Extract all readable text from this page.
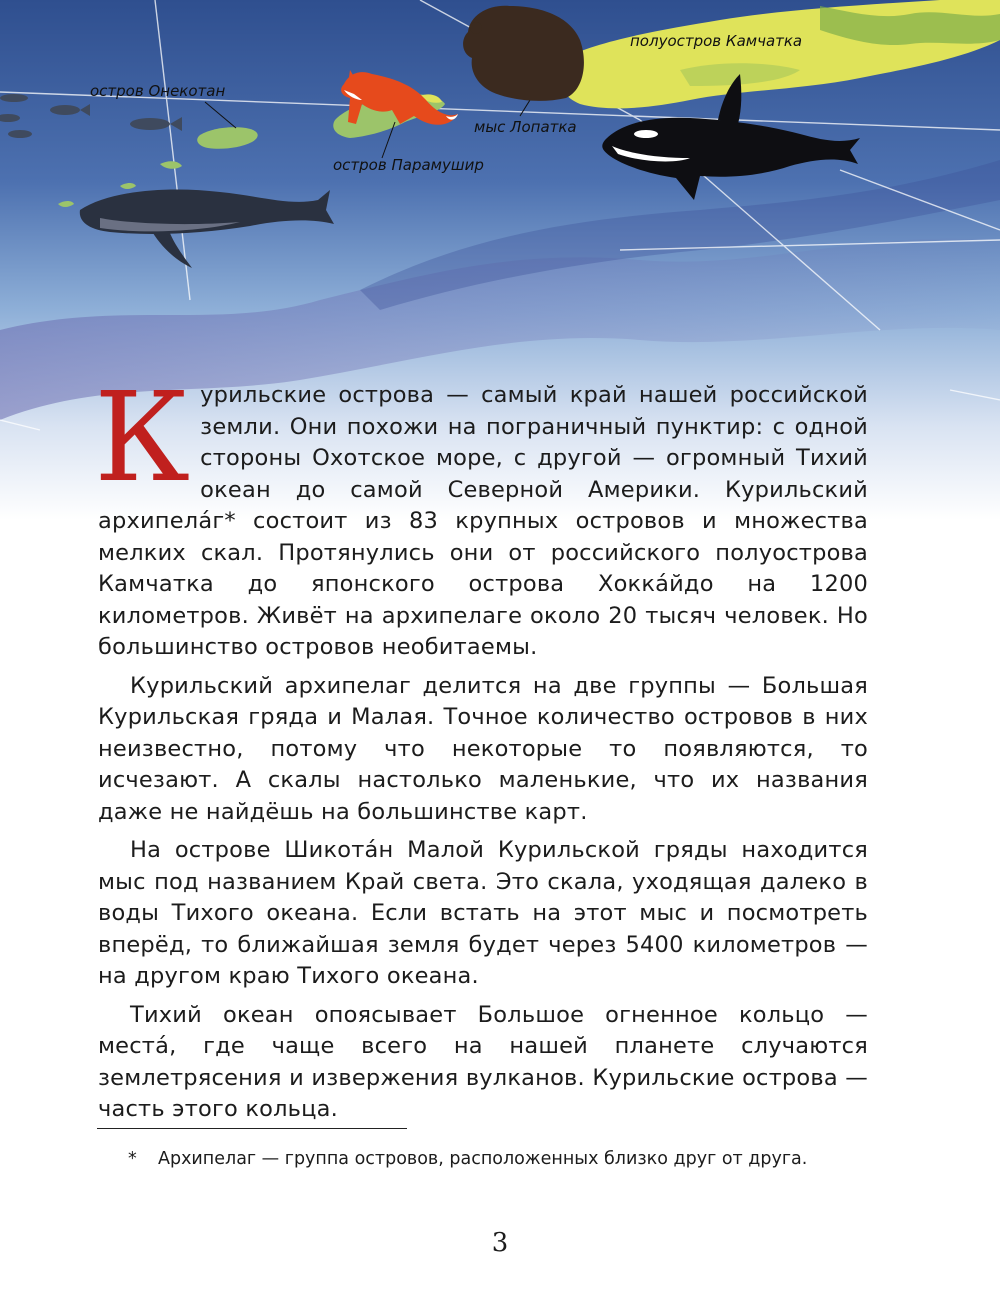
полуостров Камчатка
остров Онекотан
мыс Лопатка
остров Парамушир

Курильские острова — самый край нашей российской земли. Они похожи на пограничный пунктир: с одной стороны Охотское море, с другой — огромный Тихий океан до самой Северной Америки. Курильский архипела́г* состоит из 83 крупных островов и множества мелких скал. Протянулись они от российского полуострова Камчатка до японского острова Хокка́йдо на 1200 километров. Живёт на архипелаге около 20 тысяч человек. Но большинство островов необитаемы.

Курильский архипелаг делится на две группы — Большая Курильская гряда и Малая. Точное количество островов в них неизвестно, потому что некоторые то появляются, то исчезают. А скалы настолько маленькие, что их названия даже не найдёшь на большинстве карт.

На острове Шикота́н Малой Курильской гряды находится мыс под названием Край света. Это скала, уходящая далеко в воды Тихого океана. Если встать на этот мыс и посмотреть вперёд, то ближайшая земля будет через 5400 километров — на другом краю Тихого океана.

Тихий океан опоясывает Большое огненное кольцо — места́, где чаще всего на нашей планете случаются землетрясения и извержения вулканов. Курильские острова — часть этого кольца.

* Архипелаг — группа островов, расположенных близко друг от друга.
3
